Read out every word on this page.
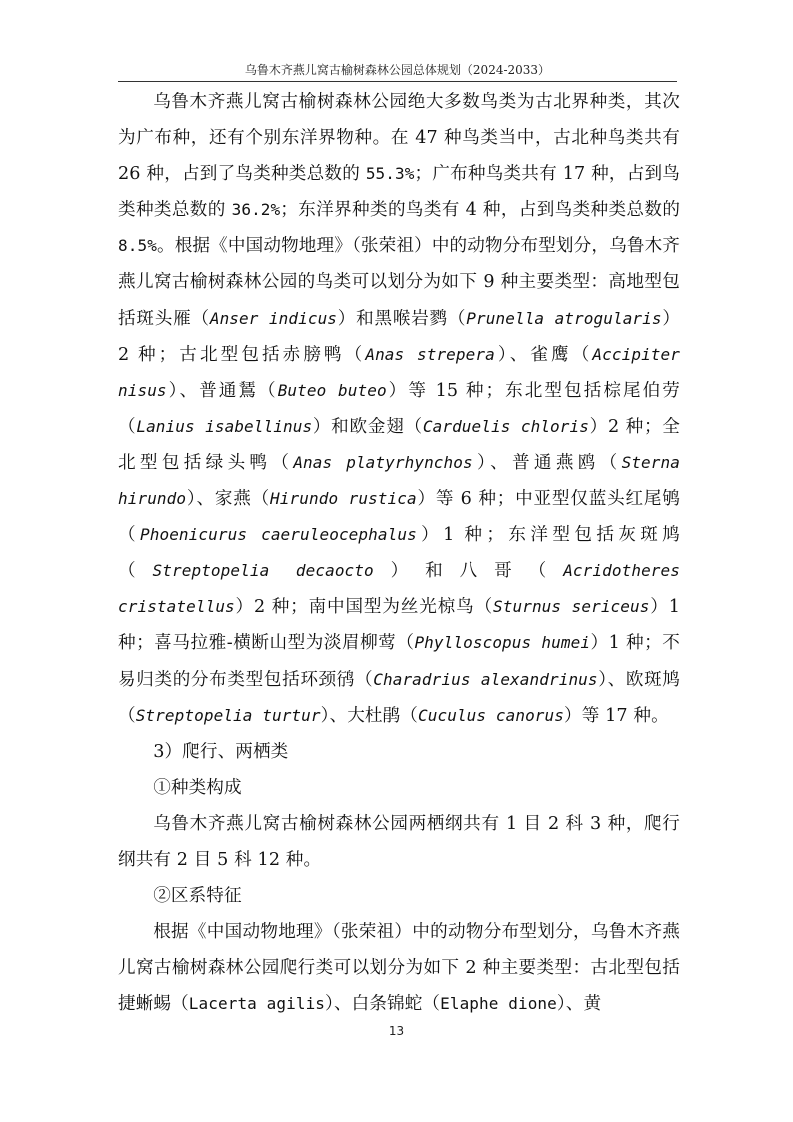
乌鲁木齐燕儿窝古榆树森林公园总体规划（2024-2033）

乌鲁木齐燕儿窝古榆树森林公园绝大多数鸟类为古北界种类，其次为广布种，还有个别东洋界物种。在 47 种鸟类当中，古北种鸟类共有 26 种，占到了鸟类种类总数的 55.3%；广布种鸟类共有 17 种，占到鸟类种类总数的 36.2%；东洋界种类的鸟类有 4 种，占到鸟类种类总数的 8.5%。根据《中国动物地理》（张荣祖）中的动物分布型划分，乌鲁木齐燕儿窝古榆树森林公园的鸟类可以划分为如下 9 种主要类型：高地型包括斑头雁（Anser indicus）和黑喉岩鹨（Prunella atrogularis）2 种；古北型包括赤膀鸭（Anas strepera）、雀鹰（Accipiter nisus）、普通鵟（Buteo buteo）等 15 种；东北型包括棕尾伯劳（Lanius isabellinus）和欧金翅（Carduelis chloris）2 种；全北型包括绿头鸭（Anas platyrhynchos）、普通燕鸥（Sterna hirundo）、家燕（Hirundo rustica）等 6 种；中亚型仅蓝头红尾鸲（Phoenicurus caeruleocephalus）1 种；东洋型包括灰斑鸠（Streptopelia decaocto）和八哥（Acridotheres cristatellus）2 种；南中国型为丝光椋鸟（Sturnus sericeus）1 种；喜马拉雅-横断山型为淡眉柳莺（Phylloscopus humei）1 种；不易归类的分布类型包括环颈鸻（Charadrius alexandrinus）、欧斑鸠（Streptopelia turtur）、大杜鹃（Cuculus canorus）等 17 种。

3）爬行、两栖类

①种类构成

乌鲁木齐燕儿窝古榆树森林公园两栖纲共有 1 目 2 科 3 种，爬行纲共有 2 目 5 科 12 种。

②区系特征

根据《中国动物地理》（张荣祖）中的动物分布型划分，乌鲁木齐燕儿窝古榆树森林公园爬行类可以划分为如下 2 种主要类型：古北型包括捷蜥蜴（Lacerta agilis）、白条锦蛇（Elaphe dione）、黄

13
